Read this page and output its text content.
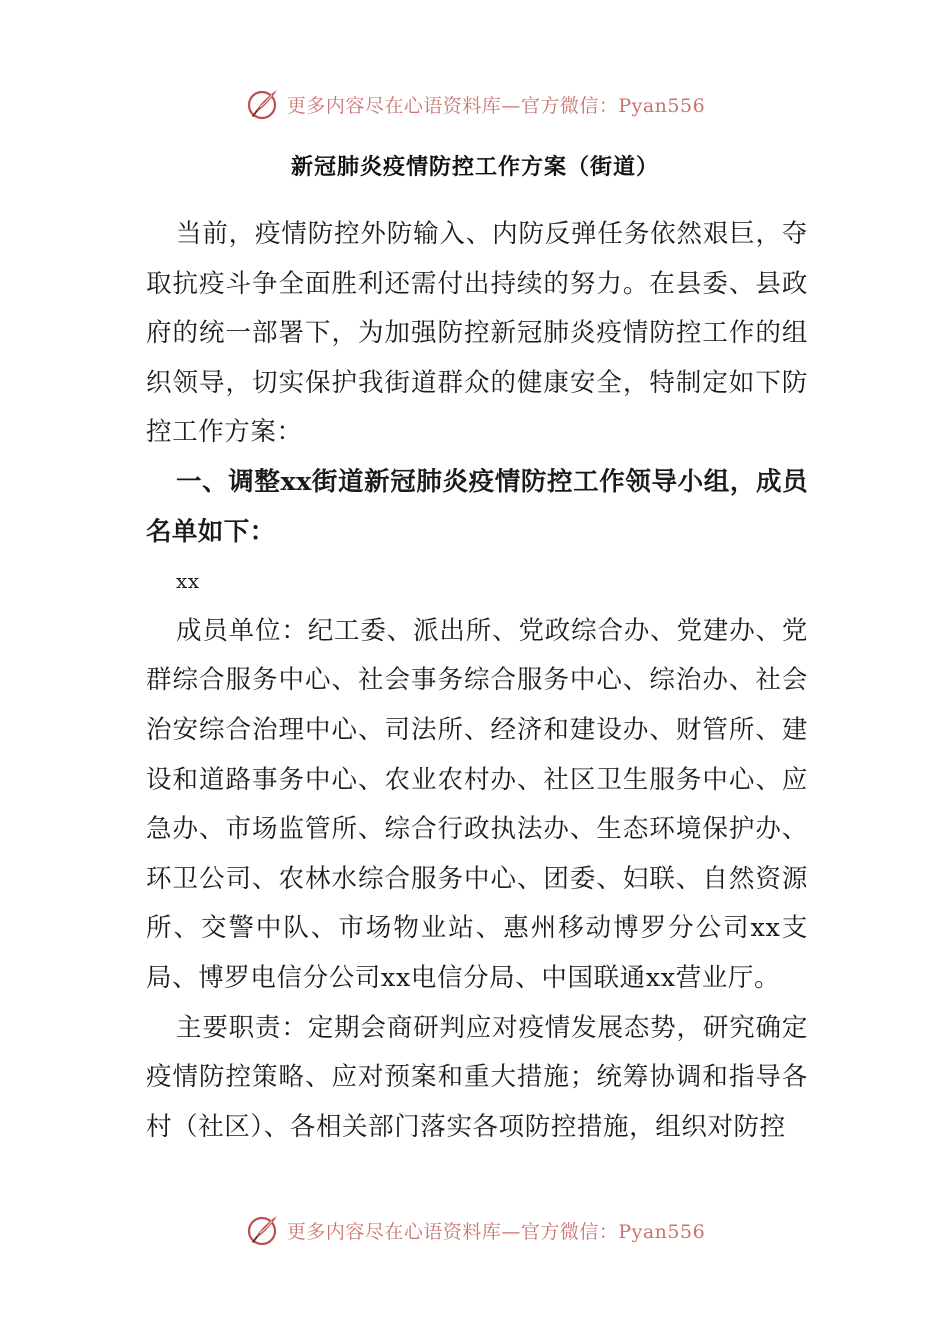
更多内容尽在心语资料库—官方微信：Pyan556
新冠肺炎疫情防控工作方案（街道）

当前，疫情防控外防输入、内防反弹任务依然艰巨，夺取抗疫斗争全面胜利还需付出持续的努力。在县委、县政府的统一部署下，为加强防控新冠肺炎疫情防控工作的组织领导，切实保护我街道群众的健康安全，特制定如下防控工作方案：

一、调整xx街道新冠肺炎疫情防控工作领导小组，成员名单如下：

xx

成员单位：纪工委、派出所、党政综合办、党建办、党群综合服务中心、社会事务综合服务中心、综治办、社会治安综合治理中心、司法所、经济和建设办、财管所、建设和道路事务中心、农业农村办、社区卫生服务中心、应急办、市场监管所、综合行政执法办、生态环境保护办、环卫公司、农林水综合服务中心、团委、妇联、自然资源所、交警中队、市场物业站、惠州移动博罗分公司xx支局、博罗电信分公司xx电信分局、中国联通xx营业厅。

主要职责：定期会商研判应对疫情发展态势，研究确定疫情防控策略、应对预案和重大措施；统筹协调和指导各村（社区）、各相关部门落实各项防控措施，组织对防控

更多内容尽在心语资料库—官方微信：Pyan556
